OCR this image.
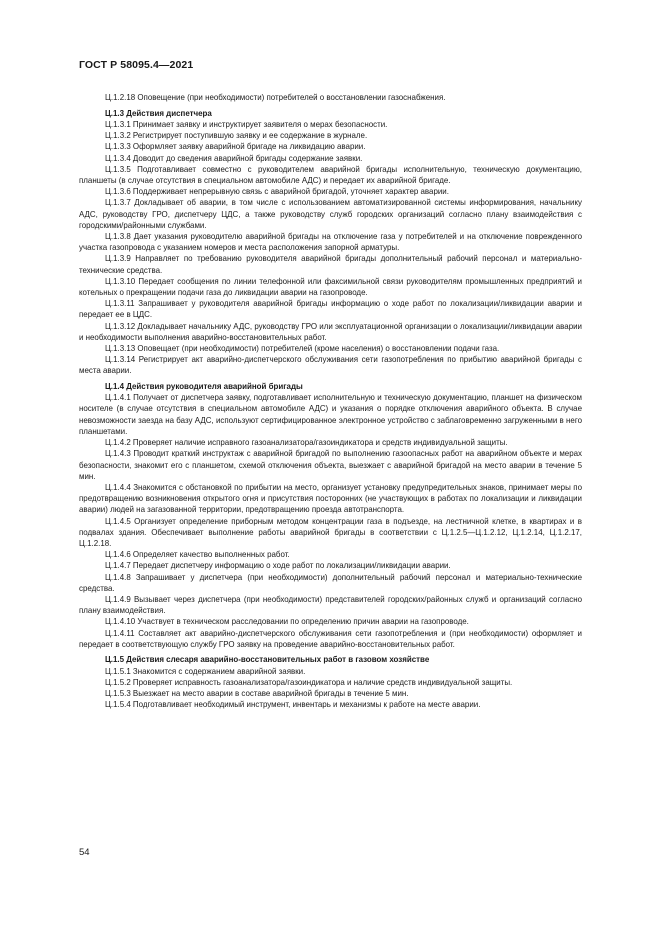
ГОСТ Р 58095.4—2021

Ц.1.2.18 Оповещение (при необходимости) потребителей о восстановлении газоснабжения.

Ц.1.3 Действия диспетчера

Ц.1.3.1 Принимает заявку и инструктирует заявителя о мерах безопасности.

Ц.1.3.2 Регистрирует поступившую заявку и ее содержание в журнале.

Ц.1.3.3 Оформляет заявку аварийной бригаде на ликвидацию аварии.

Ц.1.3.4 Доводит до сведения аварийной бригады содержание заявки.

Ц.1.3.5 Подготавливает совместно с руководителем аварийной бригады исполнительную, техническую документацию, планшеты (в случае отсутствия в специальном автомобиле АДС) и передает их аварийной бригаде.

Ц.1.3.6 Поддерживает непрерывную связь с аварийной бригадой, уточняет характер аварии.

Ц.1.3.7 Докладывает об аварии, в том числе с использованием автоматизированной системы информирования, начальнику АДС, руководству ГРО, диспетчеру ЦДС, а также руководству служб городских организаций согласно плану взаимодействия с городскими/районными службами.

Ц.1.3.8 Дает указания руководителю аварийной бригады на отключение газа у потребителей и на отключение поврежденного участка газопровода с указанием номеров и места расположения запорной арматуры.

Ц.1.3.9 Направляет по требованию руководителя аварийной бригады дополнительный рабочий персонал и материально-технические средства.

Ц.1.3.10 Передает сообщения по линии телефонной или факсимильной связи руководителям промышленных предприятий и котельных о прекращении подачи газа до ликвидации аварии на газопроводе.

Ц.1.3.11 Запрашивает у руководителя аварийной бригады информацию о ходе работ по локализации/ликвидации аварии и передает ее в ЦДС.

Ц.1.3.12 Докладывает начальнику АДС, руководству ГРО или эксплуатационной организации о локализации/ликвидации аварии и необходимости выполнения аварийно-восстановительных работ.

Ц.1.3.13 Оповещает (при необходимости) потребителей (кроме населения) о восстановлении подачи газа.

Ц.1.3.14 Регистрирует акт аварийно-диспетчерского обслуживания сети газопотребления по прибытию аварийной бригады с места аварии.

Ц.1.4 Действия руководителя аварийной бригады

Ц.1.4.1 Получает от диспетчера заявку, подготавливает исполнительную и техническую документацию, планшет на физическом носителе (в случае отсутствия в специальном автомобиле АДС) и указания о порядке отключения аварийного объекта. В случае невозможности заезда на базу АДС, используют сертифицированное электронное устройство с заблаговременно загруженными в него планшетами.

Ц.1.4.2 Проверяет наличие исправного газоанализатора/газоиндикатора и средств индивидуальной защиты.

Ц.1.4.3 Проводит краткий инструктаж с аварийной бригадой по выполнению газоопасных работ на аварийном объекте и мерах безопасности, знакомит его с планшетом, схемой отключения объекта, выезжает с аварийной бригадой на место аварии в течение 5 мин.

Ц.1.4.4 Знакомится с обстановкой по прибытии на место, организует установку предупредительных знаков, принимает меры по предотвращению возникновения открытого огня и присутствия посторонних (не участвующих в работах по локализации и ликвидации аварии) людей на загазованной территории, предотвращению проезда автотранспорта.

Ц.1.4.5 Организует определение приборным методом концентрации газа в подъезде, на лестничной клетке, в квартирах и в подвалах здания. Обеспечивает выполнение работы аварийной бригады в соответствии с Ц.1.2.5—Ц.1.2.12, Ц.1.2.14, Ц.1.2.17, Ц.1.2.18.

Ц.1.4.6 Определяет качество выполненных работ.

Ц.1.4.7 Передает диспетчеру информацию о ходе работ по локализации/ликвидации аварии.

Ц.1.4.8 Запрашивает у диспетчера (при необходимости) дополнительный рабочий персонал и материально-технические средства.

Ц.1.4.9 Вызывает через диспетчера (при необходимости) представителей городских/районных служб и организаций согласно плану взаимодействия.

Ц.1.4.10 Участвует в техническом расследовании по определению причин аварии на газопроводе.

Ц.1.4.11 Составляет акт аварийно-диспетчерского обслуживания сети газопотребления и (при необходимости) оформляет и передает в соответствующую службу ГРО заявку на проведение аварийно-восстановительных работ.

Ц.1.5 Действия слесаря аварийно-восстановительных работ в газовом хозяйстве

Ц.1.5.1 Знакомится с содержанием аварийной заявки.

Ц.1.5.2 Проверяет исправность газоанализатора/газоиндикатора и наличие средств индивидуальной защиты.

Ц.1.5.3 Выезжает на место аварии в составе аварийной бригады в течение 5 мин.

Ц.1.5.4 Подготавливает необходимый инструмент, инвентарь и механизмы к работе на месте аварии.

54
